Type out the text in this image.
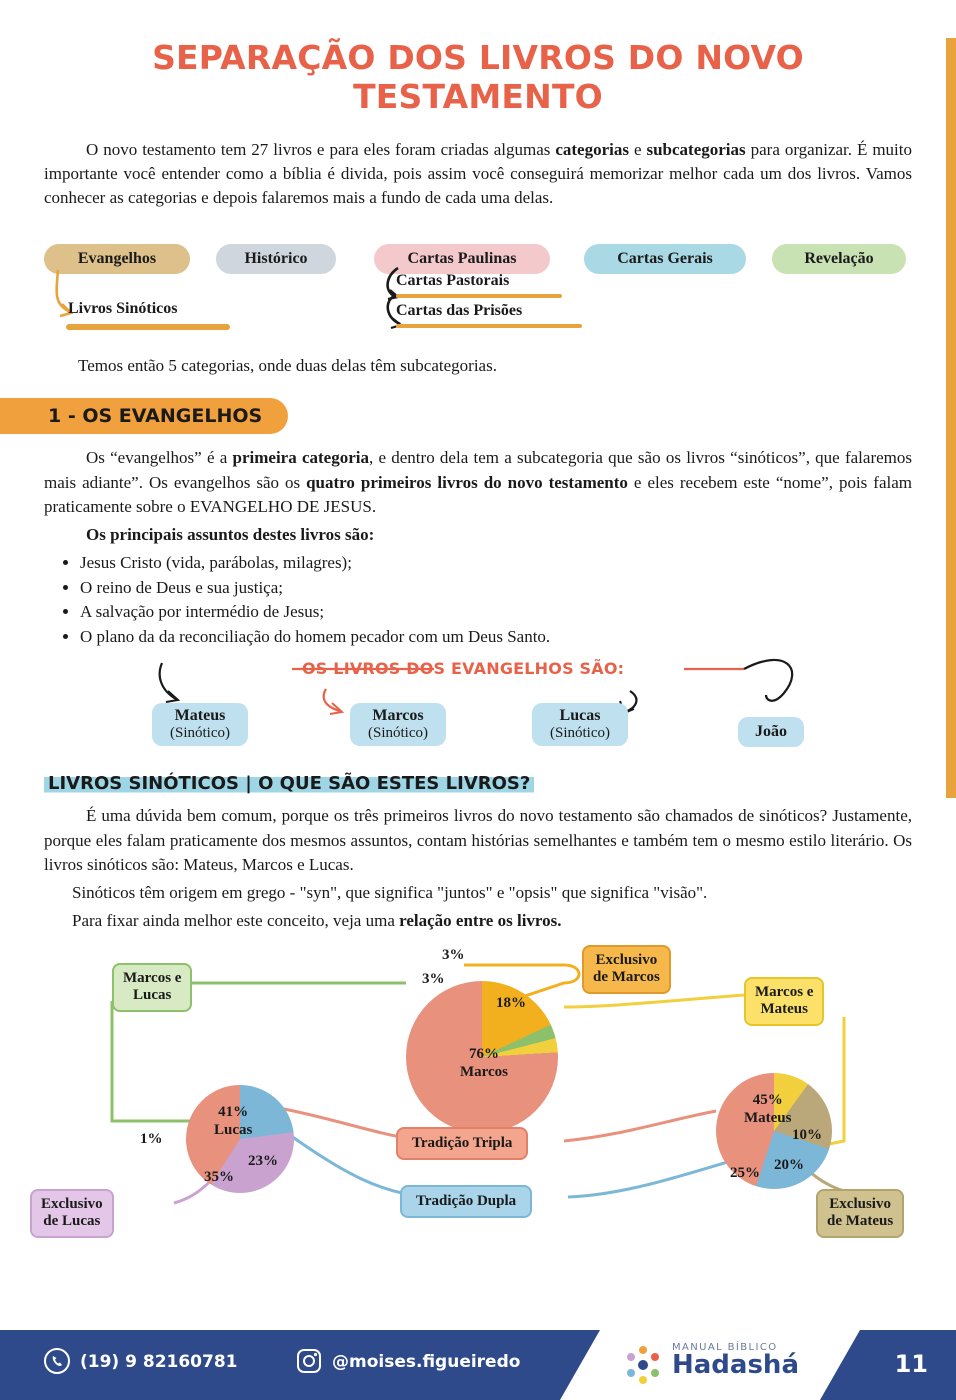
SEPARAÇÃO DOS LIVROS DO NOVO TESTAMENTO

O novo testamento tem 27 livros e para eles foram criadas algumas categorias e subcategorias para organizar. É muito importante você entender como a bíblia é divida, pois assim você conseguirá memorizar melhor cada um dos livros. Vamos conhecer as categorias e depois falaremos mais a fundo de cada uma delas.

Evangelhos	Histórico	Cartas Paulinas	Cartas Gerais	Revelação
Livros Sinóticos
Cartas Pastorais
Cartas das Prisões

Temos então 5 categorias, onde duas delas têm subcategorias.

1 - OS EVANGELHOS

Os “evangelhos” é a primeira categoria, e dentro dela tem a subcategoria que são os livros “sinóticos”, que falaremos mais adiante”. Os evangelhos são os quatro primeiros livros do novo testamento e eles recebem este “nome”, pois falam praticamente sobre o EVANGELHO DE JESUS.

Os principais assuntos destes livros são:

• Jesus Cristo (vida, parábolas, milagres);
• O reino de Deus e sua justiça;
• A salvação por intermédio de Jesus;
• O plano da da reconciliação do homem pecador com um Deus Santo.
OS LIVROS DOS EVANGELHOS SÃO:
Mateus
(Sinótico)
Marcos
(Sinótico)
Lucas
(Sinótico)	João
LIVROS SINÓTICOS | O QUE SÃO ESTES LIVROS?

É uma dúvida bem comum, porque os três primeiros livros do novo testamento são chamados de sinóticos? Justamente, porque eles falam praticamente dos mesmos assuntos, contam histórias semelhantes e também tem o mesmo estilo literário. Os livros sinóticos são: Mateus, Marcos e Lucas.

Sinóticos têm origem em grego - "syn", que significa "juntos" e "opsis" que significa "visão".

Para fixar ainda melhor este conceito, veja uma relação entre os livros.

76%
Marcos
18%
3%
3%
41%
Lucas
23%
35%
1%
45%
Mateus
10%
20%
25%
Marcos e
Lucas
Exclusivo
de Marcos
Marcos e
Mateus
Tradição Tripla
Tradição Dupla
Exclusivo
de Lucas
Exclusivo
de Mateus
(19) 9 82160781	@moises.figueiredo
MANUAL BÍBLICO
Hadashá	11
